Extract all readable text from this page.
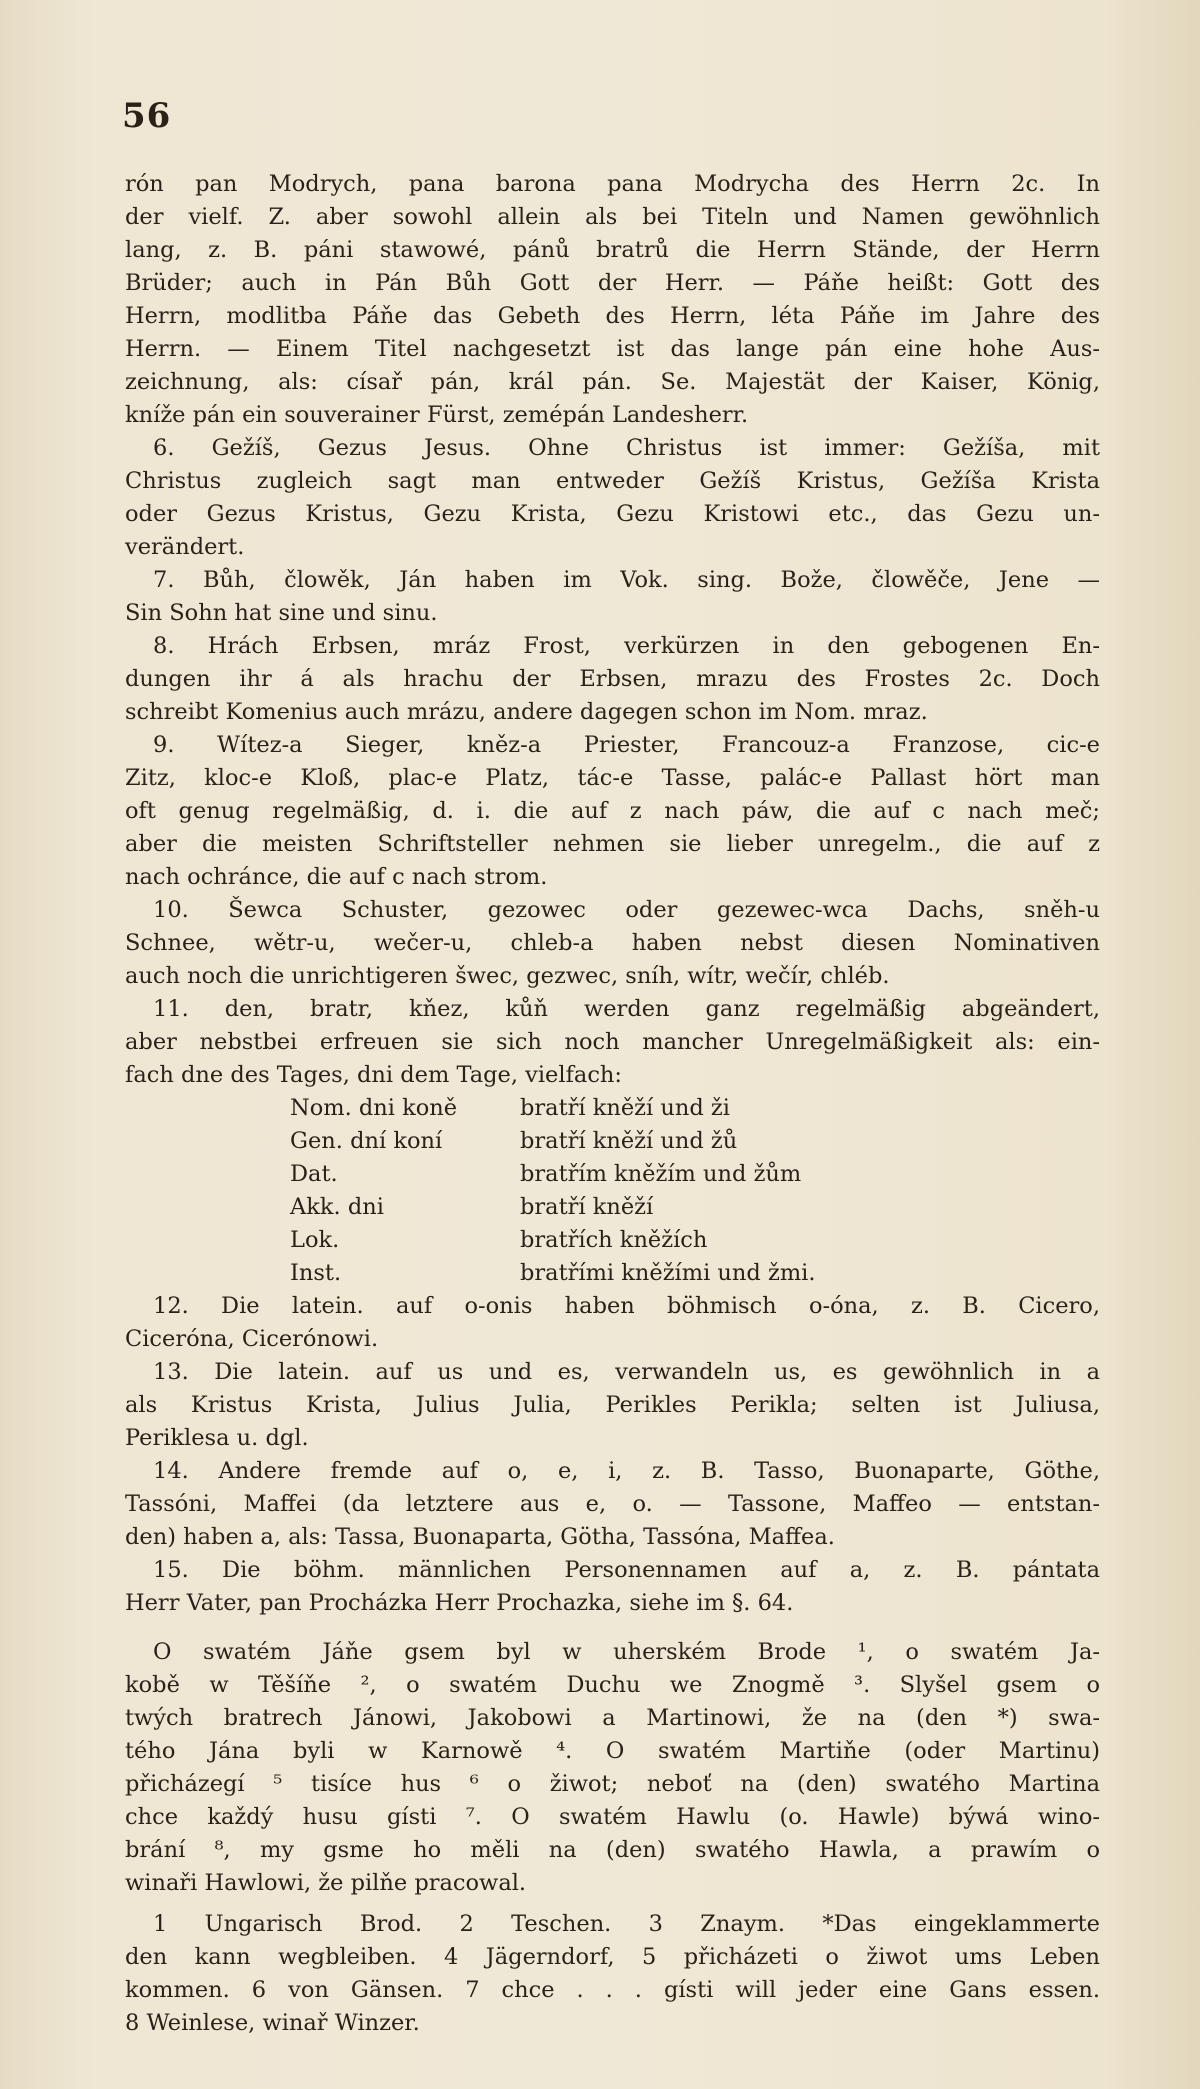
56
rón pan Modrych, pana barona pana Modrycha des Herrn 2c. In
der vielf. Z. aber sowohl allein als bei Titeln und Namen gewöhnlich
lang, z. B. páni stawowé, pánů bratrů die Herrn Stände, der Herrn
Brüder; auch in Pán Bůh Gott der Herr. — Páňe heißt: Gott des
Herrn, modlitba Páňe das Gebeth des Herrn, léta Páňe im Jahre des
Herrn. — Einem Titel nachgesetzt ist das lange pán eine hohe Aus-
zeichnung, als: císař pán, král pán. Se. Majestät der Kaiser, König,
kníže pán ein souverainer Fürst, zemépán Landesherr.
6. Gežíš, Gezus Jesus. Ohne Christus ist immer: Gežíša, mit
Christus zugleich sagt man entweder Gežíš Kristus, Gežíša Krista
oder Gezus Kristus, Gezu Krista, Gezu Kristowi etc., das Gezu un-
verändert.
7. Bůh, člowěk, Ján haben im Vok. sing. Bože, člowěče, Jene —
Sin Sohn hat sine und sinu.
8. Hrách Erbsen, mráz Frost, verkürzen in den gebogenen En-
dungen ihr á als hrachu der Erbsen, mrazu des Frostes 2c. Doch
schreibt Komenius auch mrázu, andere dagegen schon im Nom. mraz.
9. Wítez-a Sieger, kněz-a Priester, Francouz-a Franzose, cic-e
Zitz, kloc-e Kloß, plac-e Platz, tác-e Tasse, palác-e Pallast hört man
oft genug regelmäßig, d. i. die auf z nach páw, die auf c nach meč;
aber die meisten Schriftsteller nehmen sie lieber unregelm., die auf z
nach ochránce, die auf c nach strom.
10. Šewca Schuster, gezowec oder gezewec-wca Dachs, sněh-u
Schnee, wětr-u, wečer-u, chleb-a haben nebst diesen Nominativen
auch noch die unrichtigeren šwec, gezwec, sníh, wítr, wečír, chléb.
11. den, bratr, kňez, kůň werden ganz regelmäßig abgeändert,
aber nebstbei erfreuen sie sich noch mancher Unregelmäßigkeit als: ein-
fach dne des Tages, dni dem Tage, vielfach:
Nom. dni koně	bratří kněží und ži
Gen. dní koní	bratří kněží und žů
Dat.	bratřím kněžím und žům
Akk. dni	bratří kněží
Lok.	bratřích kněžích
Inst.	bratřími kněžími und žmi.
12. Die latein. auf o-onis haben böhmisch o-óna, z. B. Cicero,
Ciceróna, Cicerónowi.
13. Die latein. auf us und es, verwandeln us, es gewöhnlich in a
als Kristus Krista, Julius Julia, Perikles Perikla; selten ist Juliusa,
Periklesa u. dgl.
14. Andere fremde auf o, e, i, z. B. Tasso, Buonaparte, Göthe,
Tassóni, Maffei (da letztere aus e, o. — Tassone, Maffeo — entstan-
den) haben a, als: Tassa, Buonaparta, Götha, Tassóna, Maffea.
15. Die böhm. männlichen Personennamen auf a, z. B. pántata
Herr Vater, pan Procházka Herr Prochazka, siehe im §. 64.
O swatém Jáňe gsem byl w uherském Brode ¹, o swatém Ja-
kobě w Těšíňe ², o swatém Duchu we Znogmě ³. Slyšel gsem o
twých bratrech Jánowi, Jakobowi a Martinowi, že na (den *) swa-
tého Jána byli w Karnowě ⁴. O swatém Martiňe (oder Martinu)
přicházegí ⁵ tisíce hus ⁶ o žiwot; neboť na (den) swatého Martina
chce každý husu gísti ⁷. O swatém Hawlu (o. Hawle) býwá wino-
brání ⁸, my gsme ho měli na (den) swatého Hawla, a prawím o
winaři Hawlowi, že pilňe pracowal.
1 Ungarisch Brod. 2 Teschen. 3 Znaym. *Das eingeklammerte
den kann wegbleiben. 4 Jägerndorf, 5 přicházeti o žiwot ums Leben
kommen. 6 von Gänsen. 7 chce . . . gísti will jeder eine Gans essen.
8 Weinlese, winař Winzer.
